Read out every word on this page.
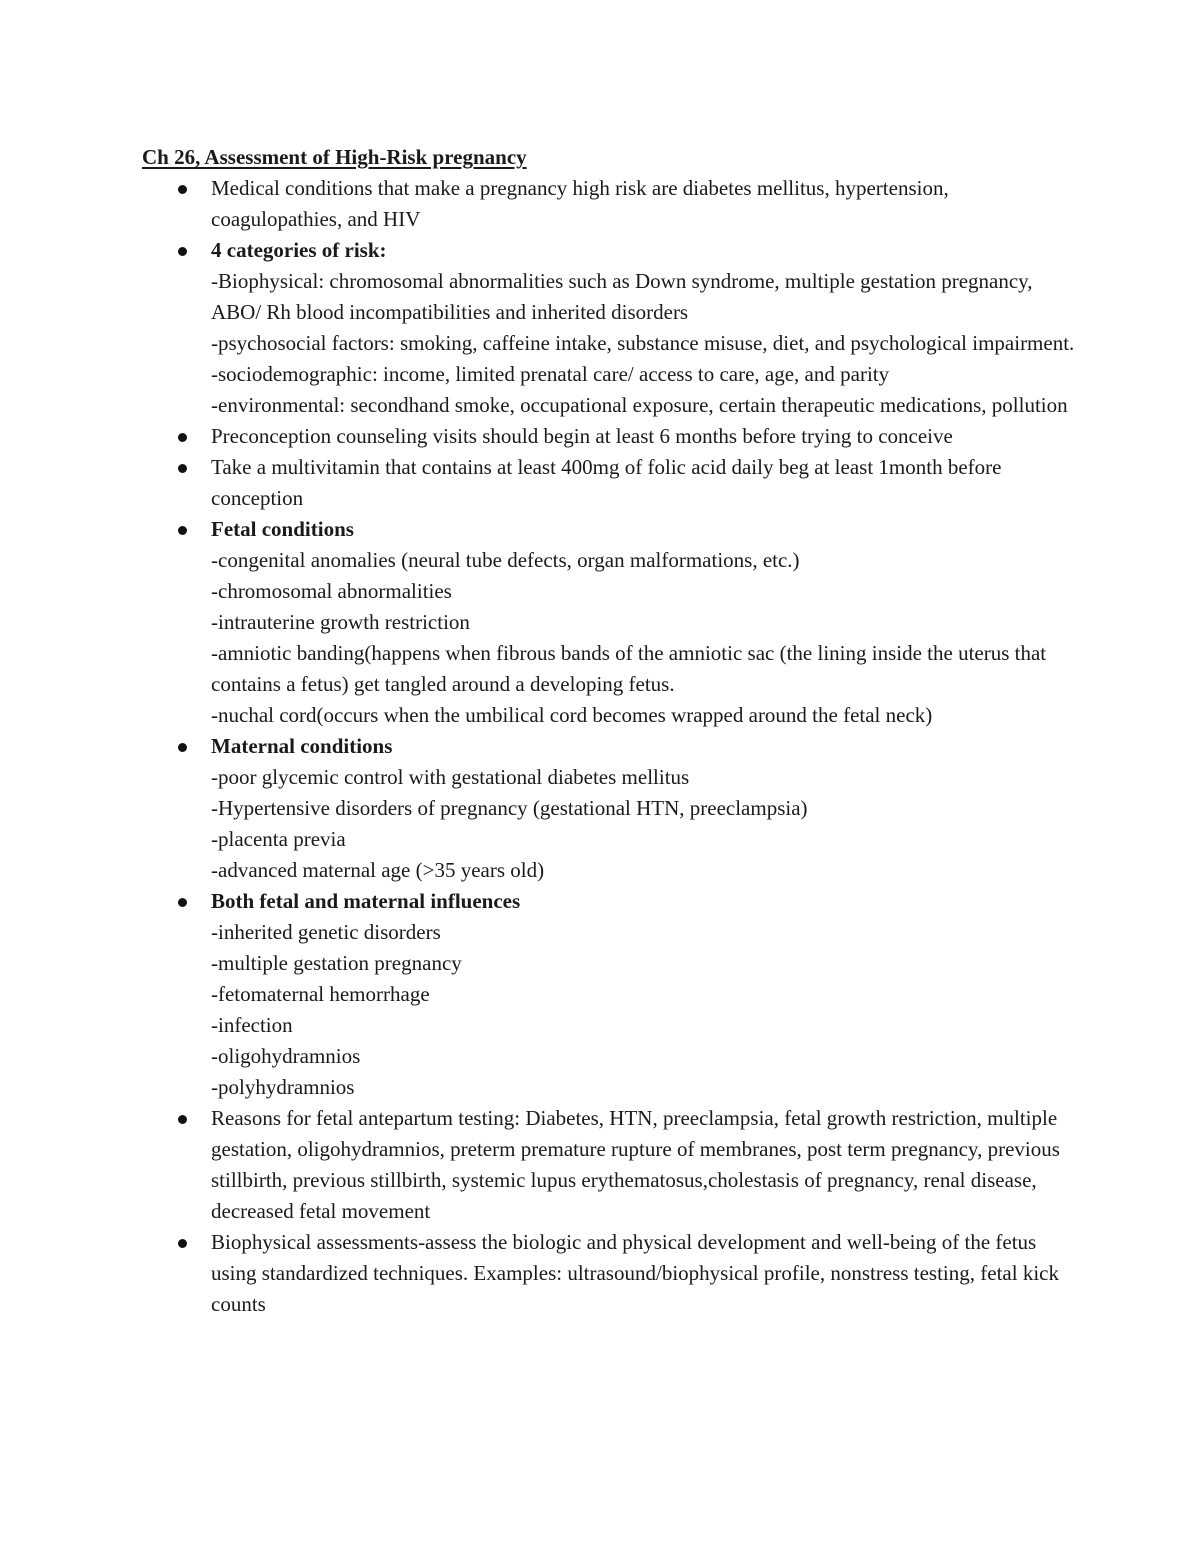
Ch 26, Assessment of High-Risk pregnancy
Medical conditions that make a pregnancy high risk are diabetes mellitus, hypertension, coagulopathies, and HIV
4 categories of risk:
-Biophysical: chromosomal abnormalities such as Down syndrome, multiple gestation pregnancy, ABO/ Rh blood incompatibilities and inherited disorders
-psychosocial factors: smoking, caffeine intake, substance misuse, diet, and psychological impairment.
-sociodemographic: income, limited prenatal care/ access to care, age, and parity
-environmental: secondhand smoke, occupational exposure, certain therapeutic medications, pollution
Preconception counseling visits should begin at least 6 months before trying to conceive
Take a multivitamin that contains at least 400mg of folic acid daily beg at least 1month before conception
Fetal conditions
-congenital anomalies (neural tube defects, organ malformations, etc.)
-chromosomal abnormalities
-intrauterine growth restriction
-amniotic banding(happens when fibrous bands of the amniotic sac (the lining inside the uterus that contains a fetus) get tangled around a developing fetus.
-nuchal cord(occurs when the umbilical cord becomes wrapped around the fetal neck)
Maternal conditions
-poor glycemic control with gestational diabetes mellitus
-Hypertensive disorders of pregnancy (gestational HTN, preeclampsia)
-placenta previa
-advanced maternal age (>35 years old)
Both fetal and maternal influences
-inherited genetic disorders
-multiple gestation pregnancy
-fetomaternal hemorrhage
-infection
-oligohydramnios
-polyhydramnios
Reasons for fetal antepartum testing: Diabetes, HTN, preeclampsia, fetal growth restriction, multiple gestation, oligohydramnios, preterm premature rupture of membranes, post term pregnancy, previous stillbirth, previous stillbirth, systemic lupus erythematosus,cholestasis of pregnancy, renal disease, decreased fetal movement
Biophysical assessments-assess the biologic and physical development and well-being of the fetus using standardized techniques. Examples: ultrasound/biophysical profile, nonstress testing, fetal kick counts
